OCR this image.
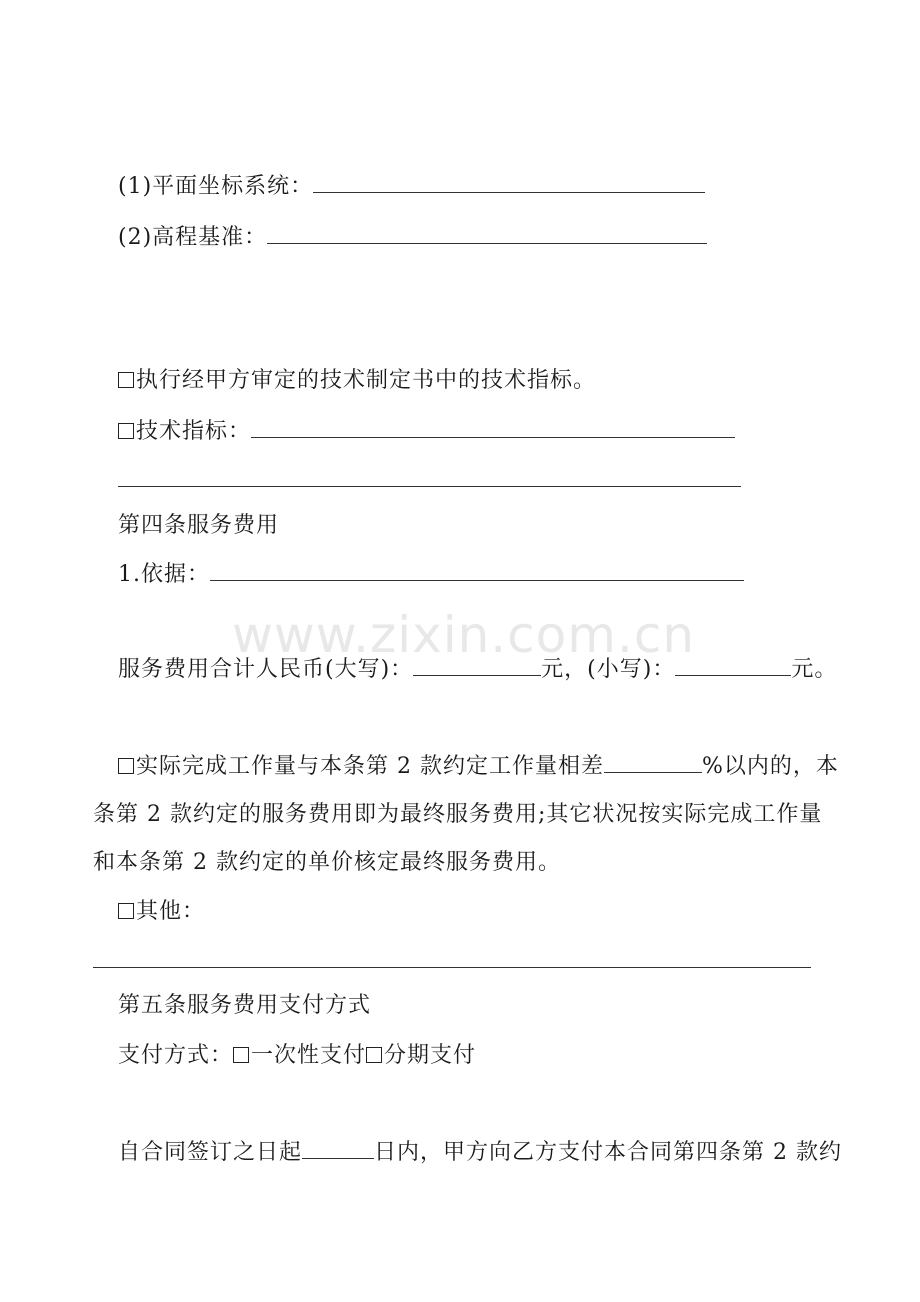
www.zixin.com.cn
(1)平面坐标系统：
(2)高程基准：
执行经甲方审定的技术制定书中的技术指标。
技术指标：
第四条服务费用
1.依据：
服务费用合计人民币(大写)：	元，(小写)：	元。
实际完成工作量与本条第 2 款约定工作量相差	%以内的，本
条第 2 款约定的服务费用即为最终服务费用;其它状况按实际完成工作量
和本条第 2 款约定的单价核定最终服务费用。
其他：
第五条服务费用支付方式
支付方式： 一次性支付 分期支付
自合同签订之日起	日内，甲方向乙方支付本合同第四条第 2 款约
